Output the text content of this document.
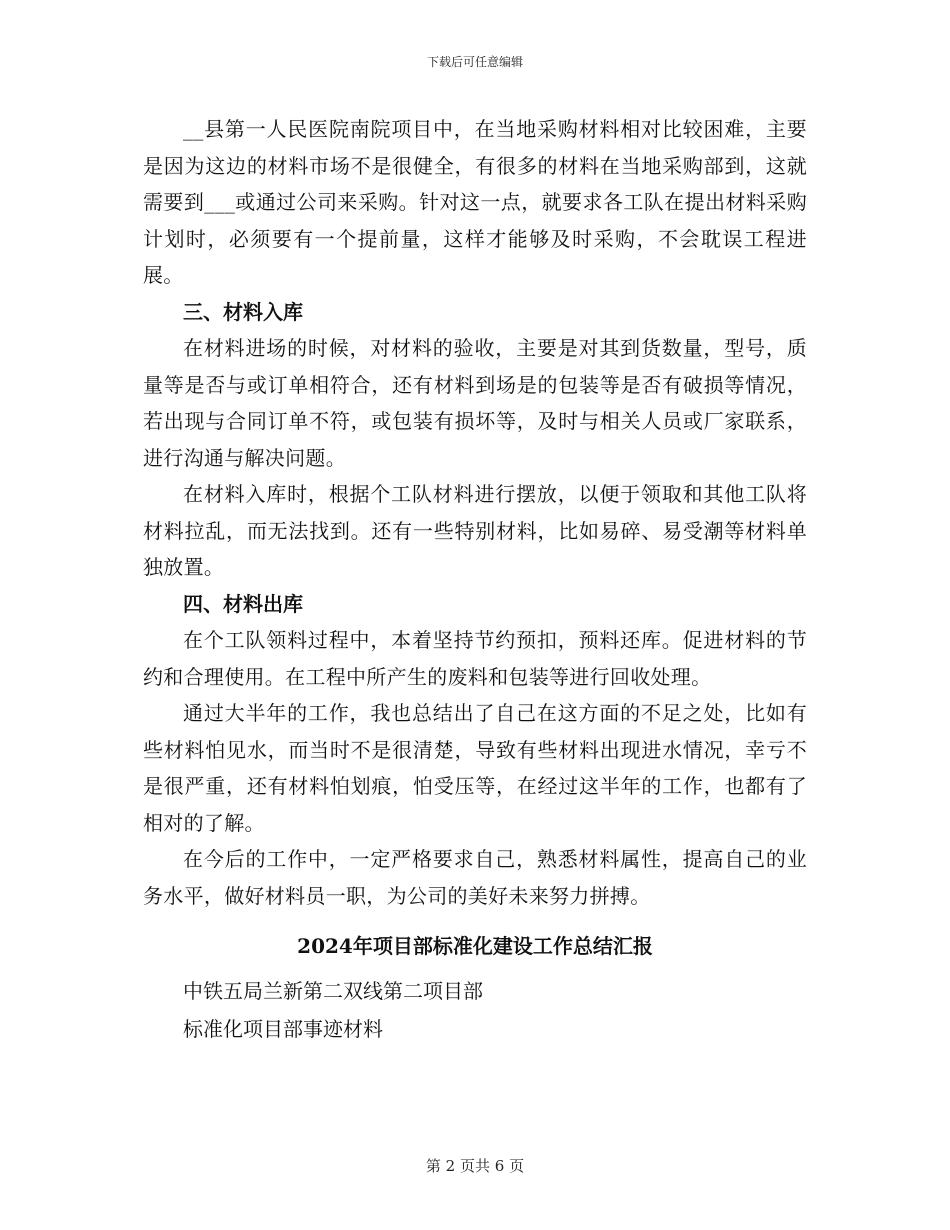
下载后可任意编辑

__县第一人民医院南院项目中，在当地采购材料相对比较困难，主要是因为这边的材料市场不是很健全，有很多的材料在当地采购部到，这就需要到___或通过公司来采购。针对这一点，就要求各工队在提出材料采购计划时，必须要有一个提前量，这样才能够及时采购，不会耽误工程进展。

三、材料入库

在材料进场的时候，对材料的验收，主要是对其到货数量，型号，质量等是否与或订单相符合，还有材料到场是的包装等是否有破损等情况，若出现与合同订单不符，或包装有损坏等，及时与相关人员或厂家联系，进行沟通与解决问题。

在材料入库时，根据个工队材料进行摆放，以便于领取和其他工队将材料拉乱，而无法找到。还有一些特别材料，比如易碎、易受潮等材料单独放置。

四、材料出库

在个工队领料过程中，本着坚持节约预扣，预料还库。促进材料的节约和合理使用。在工程中所产生的废料和包装等进行回收处理。

通过大半年的工作，我也总结出了自己在这方面的不足之处，比如有些材料怕见水，而当时不是很清楚，导致有些材料出现进水情况，幸亏不是很严重，还有材料怕划痕，怕受压等，在经过这半年的工作，也都有了相对的了解。

在今后的工作中，一定严格要求自己，熟悉材料属性，提高自己的业务水平，做好材料员一职，为公司的美好未来努力拼搏。

2024年项目部标准化建设工作总结汇报

中铁五局兰新第二双线第二项目部

标准化项目部事迹材料

第 2 页共 6 页
